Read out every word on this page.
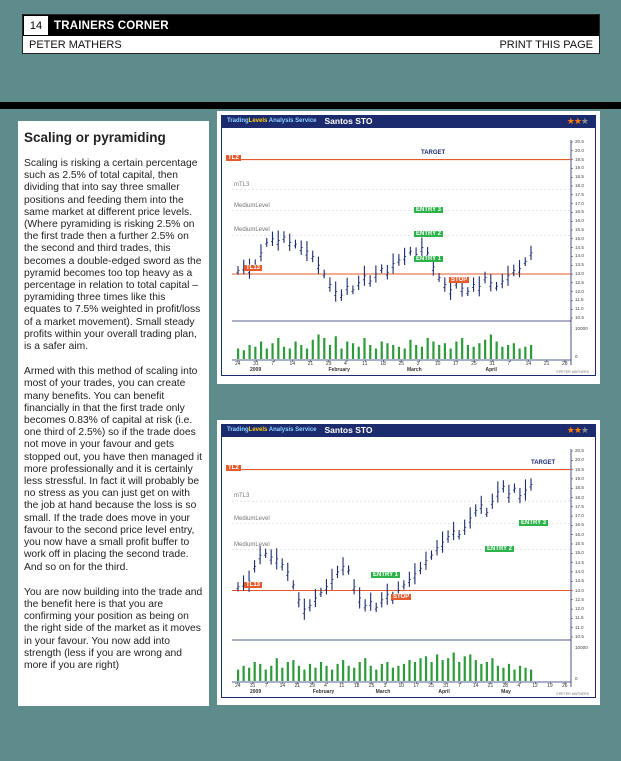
14	TRAINERS CORNER
PETER MATHERS	PRINT THIS PAGE
Scaling or pyramiding

Scaling is risking a certain percentage such as 2.5% of total capital, then dividing that into say three smaller positions and feeding them into the same market at different price levels. (Where pyramiding is risking 2.5% on the first trade then a further 2.5% on the second and third trades, this becomes a double-edged sword as the pyramid becomes too top heavy as a percentage in relation to total capital – pyramiding three times like this equates to 7.5% weighted in profit/loss of a market movement). Small steady profits within your overall trading plan, is a safer aim.

Armed with this method of scaling into most of your trades, you can create many benefits. You can benefit financially in that the first trade only becomes 0.83% of capital at risk (i.e. one third of 2.5%) so if the trade does not move in your favour and gets stopped out, you have then managed it more professionally and it is certainly less stressful. In fact it will probably be no stress as you can just get on with the job at hand because the loss is so small. If the trade does move in your favour to the second price level entry, you now have a small profit buffer to work off in placing the second trade. And so on for the third.

You are now building into the trade and the benefit here is that you are confirming your position as being on the right side of the market as it moves in your favour. You now add into strength (less if you are wrong and more if you are right)

TradingLevels Analysis Service Santos STO	★★★
20.5
20.0
19.5
19.0
18.5
18.0
17.5
17.0
16.5
16.0
15.5
15.0
14.5
14.0
13.5
13.0
12.5
12.0
11.5
11.0
10.5
10000
0
24	31	7	14	21	29	4	11	18	25	3	10	17	25	31	7	14	21	28
2009	February	March	April	©PETER MATHERS
TL2
mTL3
MediumLevel
MediumLevel
TL13
TARGET
ENTRY 3
ENTRY 2
ENTRY 1
STOP
TradingLevels Analysis Service Santos STO	★★★
20.5
20.0
19.5
19.0
18.5
18.0
17.5
17.0
16.5
16.0
15.5
15.0
14.5
14.0
13.5
13.0
12.5
12.0
11.5
11.0
10.5
10000
0
24 31 7 14 21 29 4 11 18 25 3 10 17 25 31 7 14 21 28 4 12 19 26
2009	February	March	April	May	©PETER MATHERS
TL2
mTL3
MediumLevel
MediumLevel
TL13
TARGET
ENTRY 3
ENTRY 2
ENTRY 1
STOP
